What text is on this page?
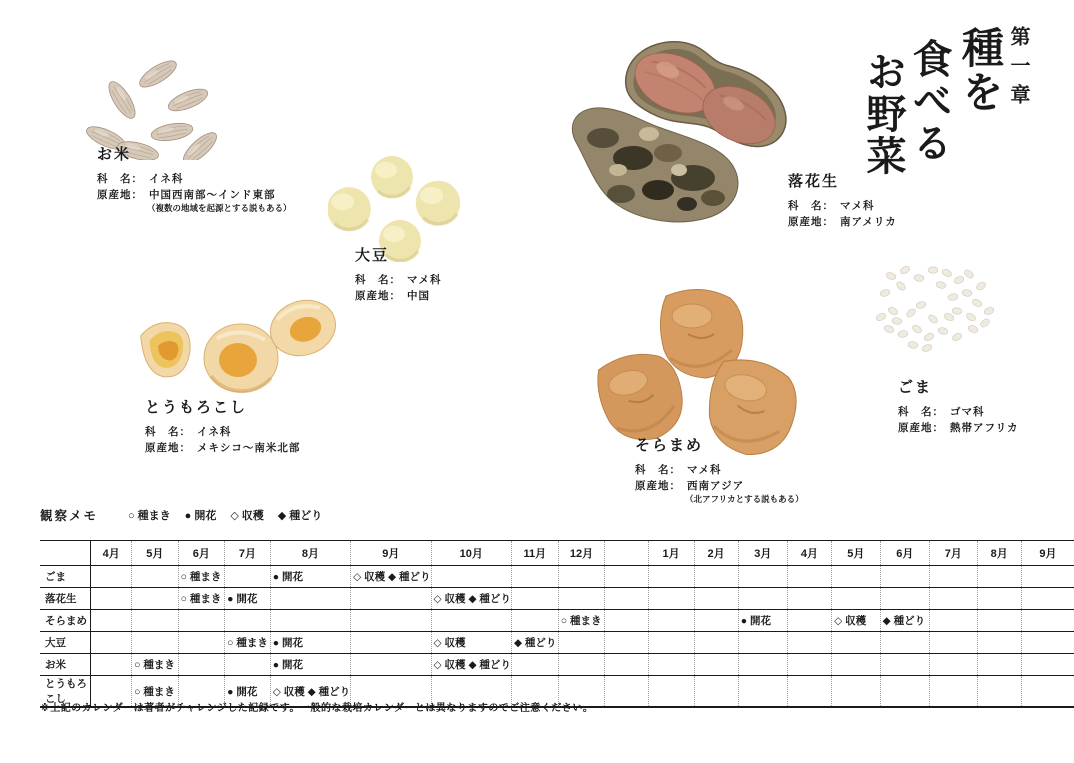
第一章
種を
食べる
お野菜
お米
科　名： イネ科
原産地： 中国西南部～インド東部
（複数の地域を起源とする説もある）
大豆
科　名： マメ科
原産地： 中国
落花生
科　名： マメ科
原産地： 南アメリカ
とうもろこし
科　名： イネ科
原産地： メキシコ～南米北部	そらまめ
科　名： マメ科
原産地： 西南アジア
（北アフリカとする説もある）
ごま
科　名： ゴマ科
原産地： 熱帯アフリカ
観察メモ	○ 種まき ● 開花 ◇ 収穫 ◆ 種どり
	4月	5月	6月	7月	8月	9月	10月	11月	12月		1月	2月	3月	4月	5月	6月	7月	8月	9月
ごま			○ 種まき		● 開花	◇ 収穫 ◆ 種どり													

落花生			○ 種まき	● 開花			◇ 収穫 ◆ 種どり												

そらまめ									○ 種まき				● 開花		◇ 収穫	◆ 種どり			

大豆				○ 種まき	● 開花		◇ 収穫	◆ 種どり											

お米		○ 種まき			● 開花		◇ 収穫 ◆ 種どり												

とうもろこし		○ 種まき		● 開花	◇ 収穫 ◆ 種どり														

※上記のカレンダーは著者がチャレンジした記録です。一般的な栽培カレンダーとは異なりますのでご注意ください。
